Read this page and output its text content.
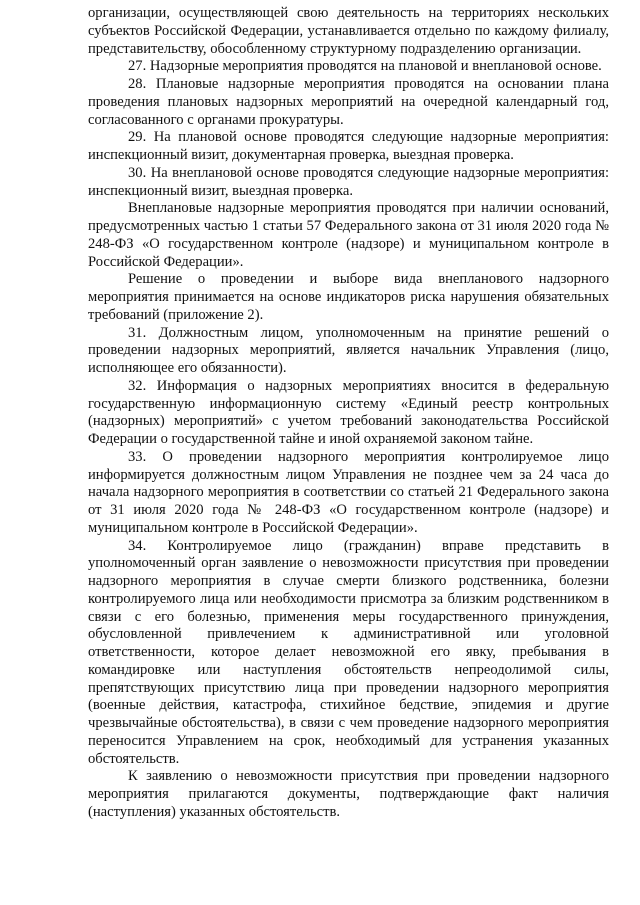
организации, осуществляющей свою деятельность на территориях нескольких субъектов Российской Федерации, устанавливается отдельно по каждому филиалу, представительству, обособленному структурному подразделению организации.

27. Надзорные мероприятия проводятся на плановой и внеплановой основе.

28. Плановые надзорные мероприятия проводятся на основании плана проведения плановых надзорных мероприятий на очередной календарный год, согласованного с органами прокуратуры.

29. На плановой основе проводятся следующие надзорные мероприятия: инспекционный визит, документарная проверка, выездная проверка.

30. На внеплановой основе проводятся следующие надзорные мероприятия: инспекционный визит, выездная проверка.

Внеплановые надзорные мероприятия проводятся при наличии оснований, предусмотренных частью 1 статьи 57 Федерального закона от 31 июля 2020 года № 248-ФЗ «О государственном контроле (надзоре) и муниципальном контроле в Российской Федерации».

Решение о проведении и выборе вида внепланового надзорного мероприятия принимается на основе индикаторов риска нарушения обязательных требований (приложение 2).

31. Должностным лицом, уполномоченным на принятие решений о проведении надзорных мероприятий, является начальник Управления (лицо, исполняющее его обязанности).

32. Информация о надзорных мероприятиях вносится в федеральную государственную информационную систему «Единый реестр контрольных (надзорных) мероприятий» с учетом требований законодательства Российской Федерации о государственной тайне и иной охраняемой законом тайне.

33. О проведении надзорного мероприятия контролируемое лицо информируется должностным лицом Управления не позднее чем за 24 часа до начала надзорного мероприятия в соответствии со статьей 21 Федерального закона от 31 июля 2020 года № 248-ФЗ «О государственном контроле (надзоре) и муниципальном контроле в Российской Федерации».

34. Контролируемое лицо (гражданин) вправе представить в уполномоченный орган заявление о невозможности присутствия при проведении надзорного мероприятия в случае смерти близкого родственника, болезни контролируемого лица или необходимости присмотра за близким родственником в связи с его болезнью, применения меры государственного принуждения, обусловленной привлечением к административной или уголовной ответственности, которое делает невозможной его явку, пребывания в командировке или наступления обстоятельств непреодолимой силы, препятствующих присутствию лица при проведении надзорного мероприятия (военные действия, катастрофа, стихийное бедствие, эпидемия и другие чрезвычайные обстоятельства), в связи с чем проведение надзорного мероприятия переносится Управлением на срок, необходимый для устранения указанных обстоятельств.

К заявлению о невозможности присутствия при проведении надзорного мероприятия прилагаются документы, подтверждающие факт наличия (наступления) указанных обстоятельств.
